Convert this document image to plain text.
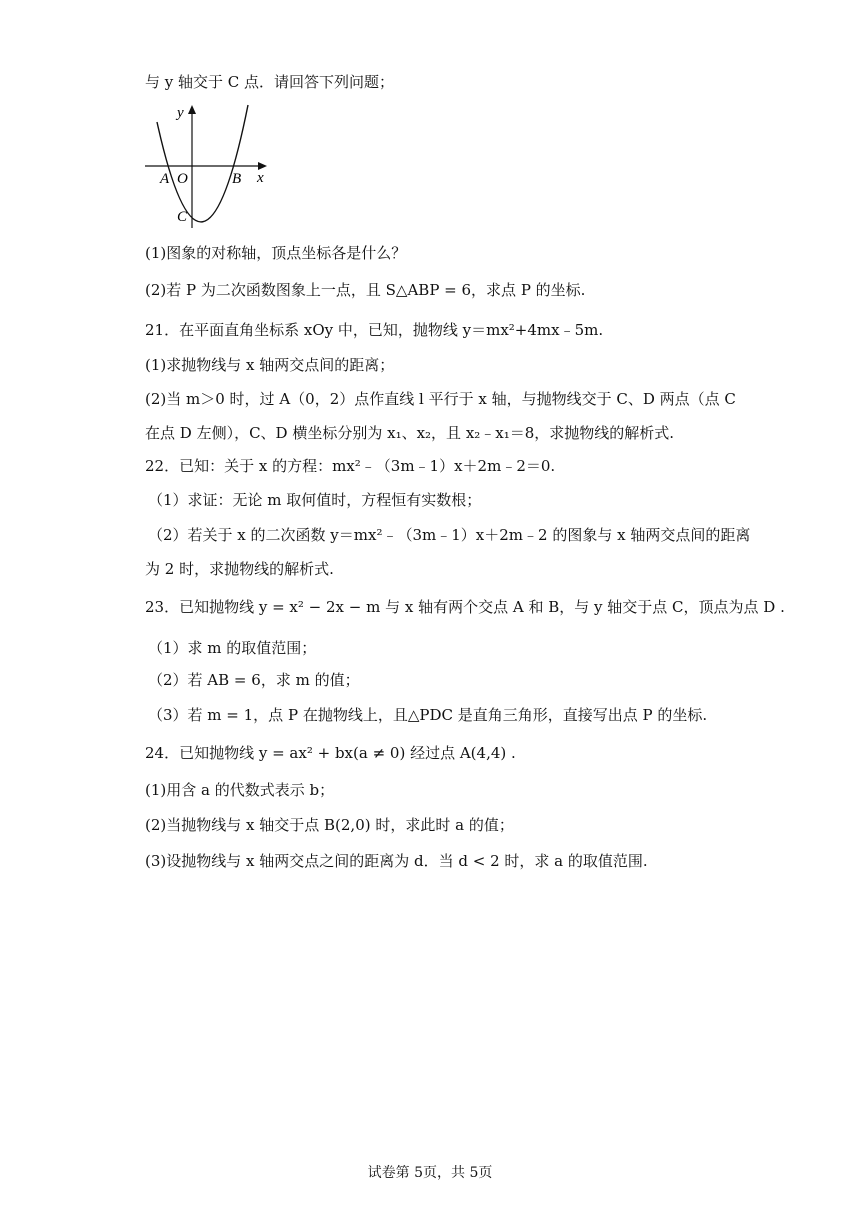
与 y 轴交于 C 点．请回答下列问题；
y
x
A O	B
C
(1)图象的对称轴，顶点坐标各是什么？
(2)若 P 为二次函数图象上一点，且 S△ABP = 6，求点 P 的坐标.
21．在平面直角坐标系 xOy 中，已知，抛物线 y＝mx²+4mx﹣5m.
(1)求抛物线与 x 轴两交点间的距离；
(2)当 m＞0 时，过 A（0，2）点作直线 l 平行于 x 轴，与抛物线交于 C、D 两点（点 C
在点 D 左侧），C、D 横坐标分别为 x₁、x₂，且 x₂﹣x₁＝8，求抛物线的解析式.
22．已知：关于 x 的方程：mx²﹣（3m﹣1）x＋2m﹣2＝0.
（1）求证：无论 m 取何值时，方程恒有实数根；
（2）若关于 x 的二次函数 y＝mx²﹣（3m﹣1）x＋2m﹣2 的图象与 x 轴两交点间的距离
为 2 时，求抛物线的解析式.
23．已知抛物线 y = x² − 2x − m 与 x 轴有两个交点 A 和 B，与 y 轴交于点 C，顶点为点 D .
（1）求 m 的取值范围；
（2）若 AB = 6，求 m 的值；
（3）若 m = 1，点 P 在抛物线上，且△PDC 是直角三角形，直接写出点 P 的坐标.
24．已知抛物线 y = ax² + bx(a ≠ 0) 经过点 A(4,4) .
(1)用含 a 的代数式表示 b；
(2)当抛物线与 x 轴交于点 B(2,0) 时，求此时 a 的值；
(3)设抛物线与 x 轴两交点之间的距离为 d．当 d < 2 时，求 a 的取值范围.
试卷第 5页，共 5页
